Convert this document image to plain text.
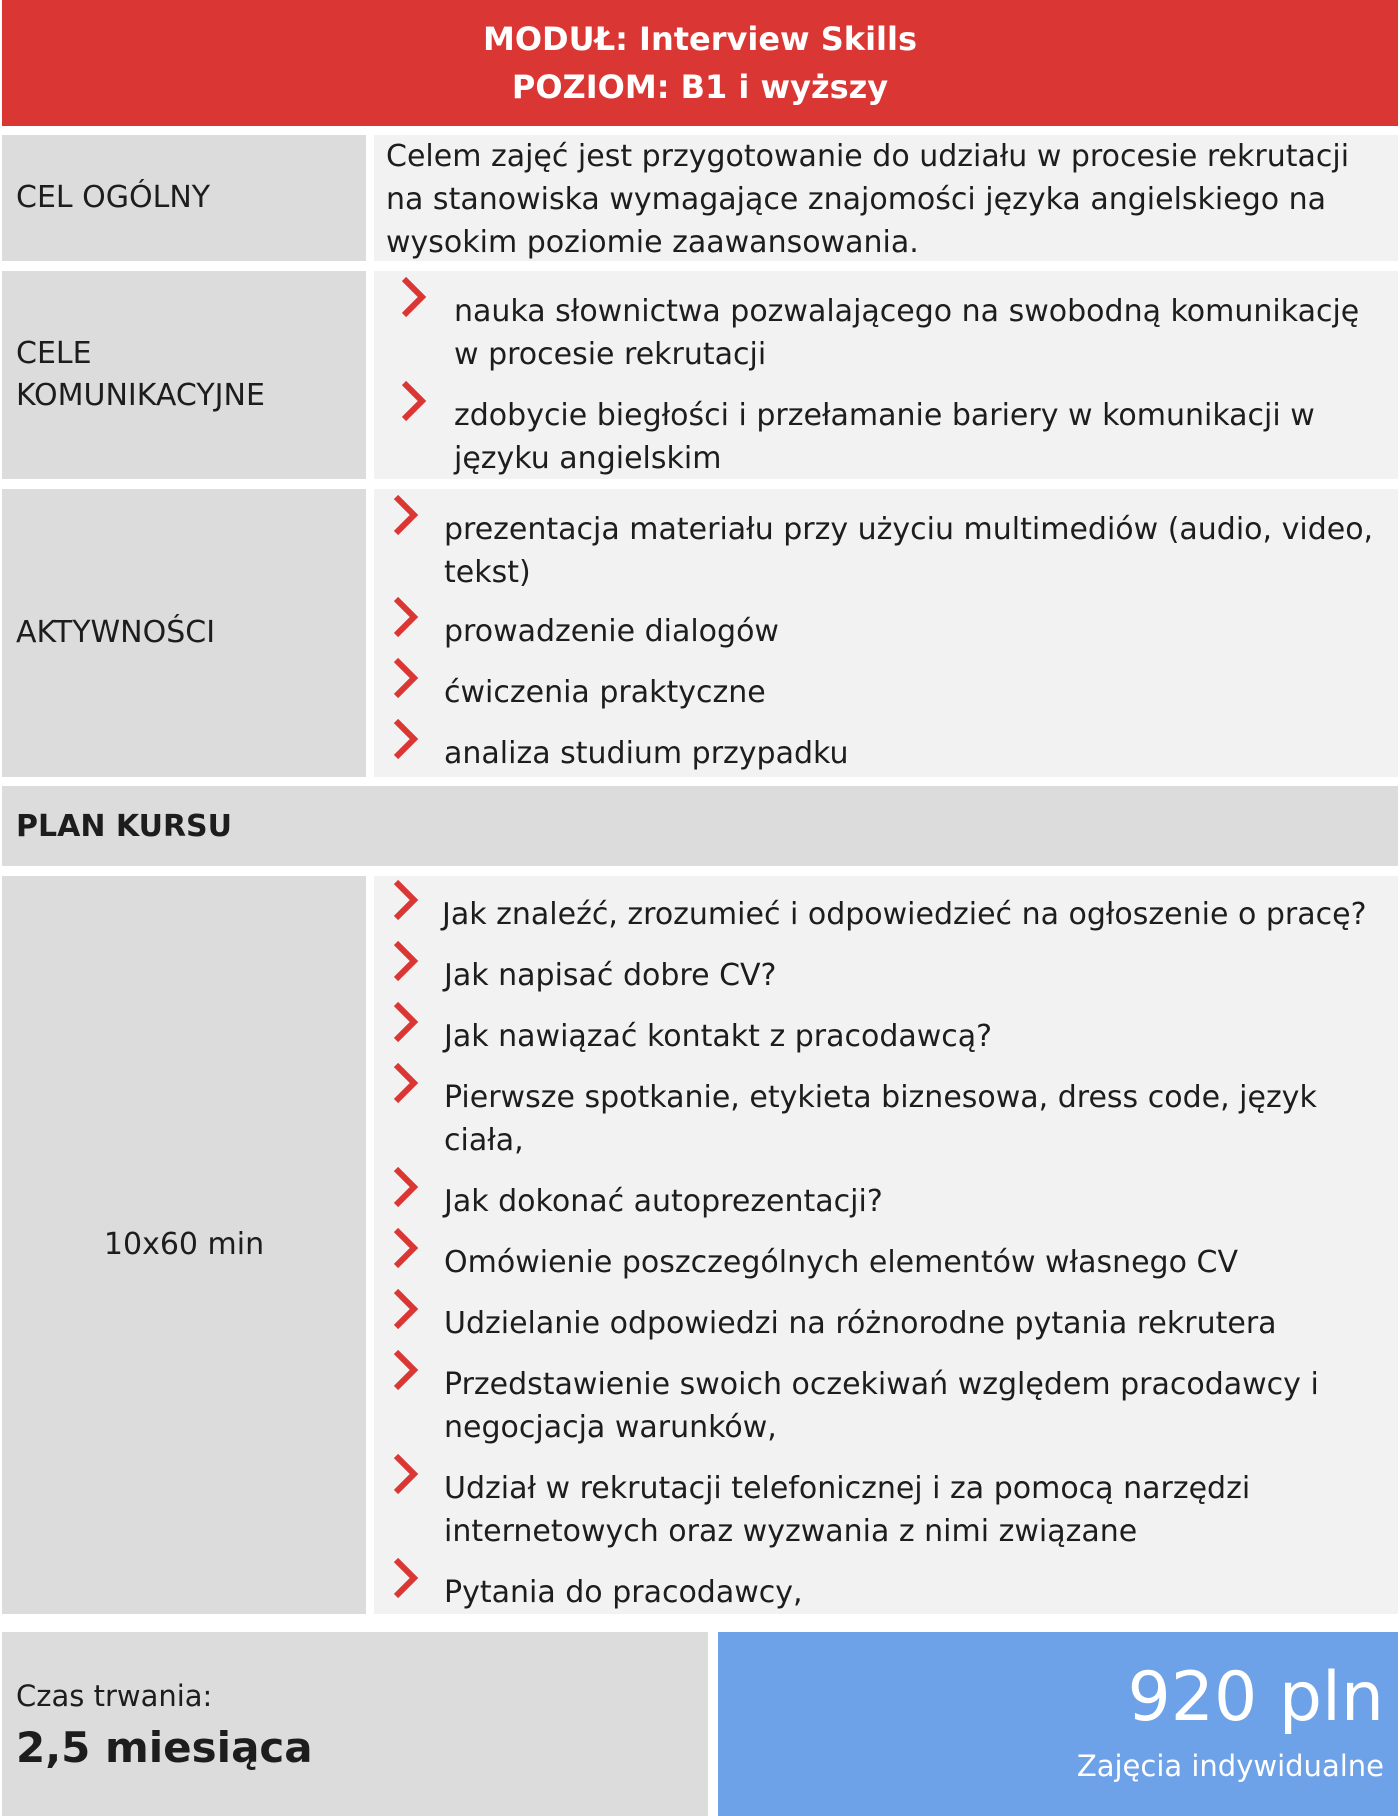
MODUŁ: Interview Skills
POZIOM: B1 i wyższy
CEL OGÓLNY
Celem zajęć jest przygotowanie do udziału w procesie rekrutacji na stanowiska wymagające znajomości języka angielskiego na wysokim poziomie zaawansowania.
CELE
KOMUNIKACYJNE
nauka słownictwa pozwalającego na swobodną komunikację w procesie rekrutacji
zdobycie biegłości i przełamanie bariery w komunikacji w języku angielskim
AKTYWNOŚCI
prezentacja materiału przy użyciu multimediów (audio, video, tekst)
prowadzenie dialogów
ćwiczenia praktyczne
analiza studium przypadku
PLAN KURSU
10x60 min
Jak znaleźć, zrozumieć i odpowiedzieć na ogłoszenie o pracę?
Jak napisać dobre CV?
Jak nawiązać kontakt z pracodawcą?
Pierwsze spotkanie, etykieta biznesowa, dress code, język ciała,
Jak dokonać autoprezentacji?
Omówienie poszczególnych elementów własnego CV
Udzielanie odpowiedzi na różnorodne pytania rekrutera
Przedstawienie swoich oczekiwań względem pracodawcy i negocjacja warunków,
Udział w rekrutacji telefonicznej i za pomocą narzędzi internetowych oraz wyzwania z nimi związane
Pytania do pracodawcy,
Czas trwania:
2,5 miesiąca
920 pln
Zajęcia indywidualne
